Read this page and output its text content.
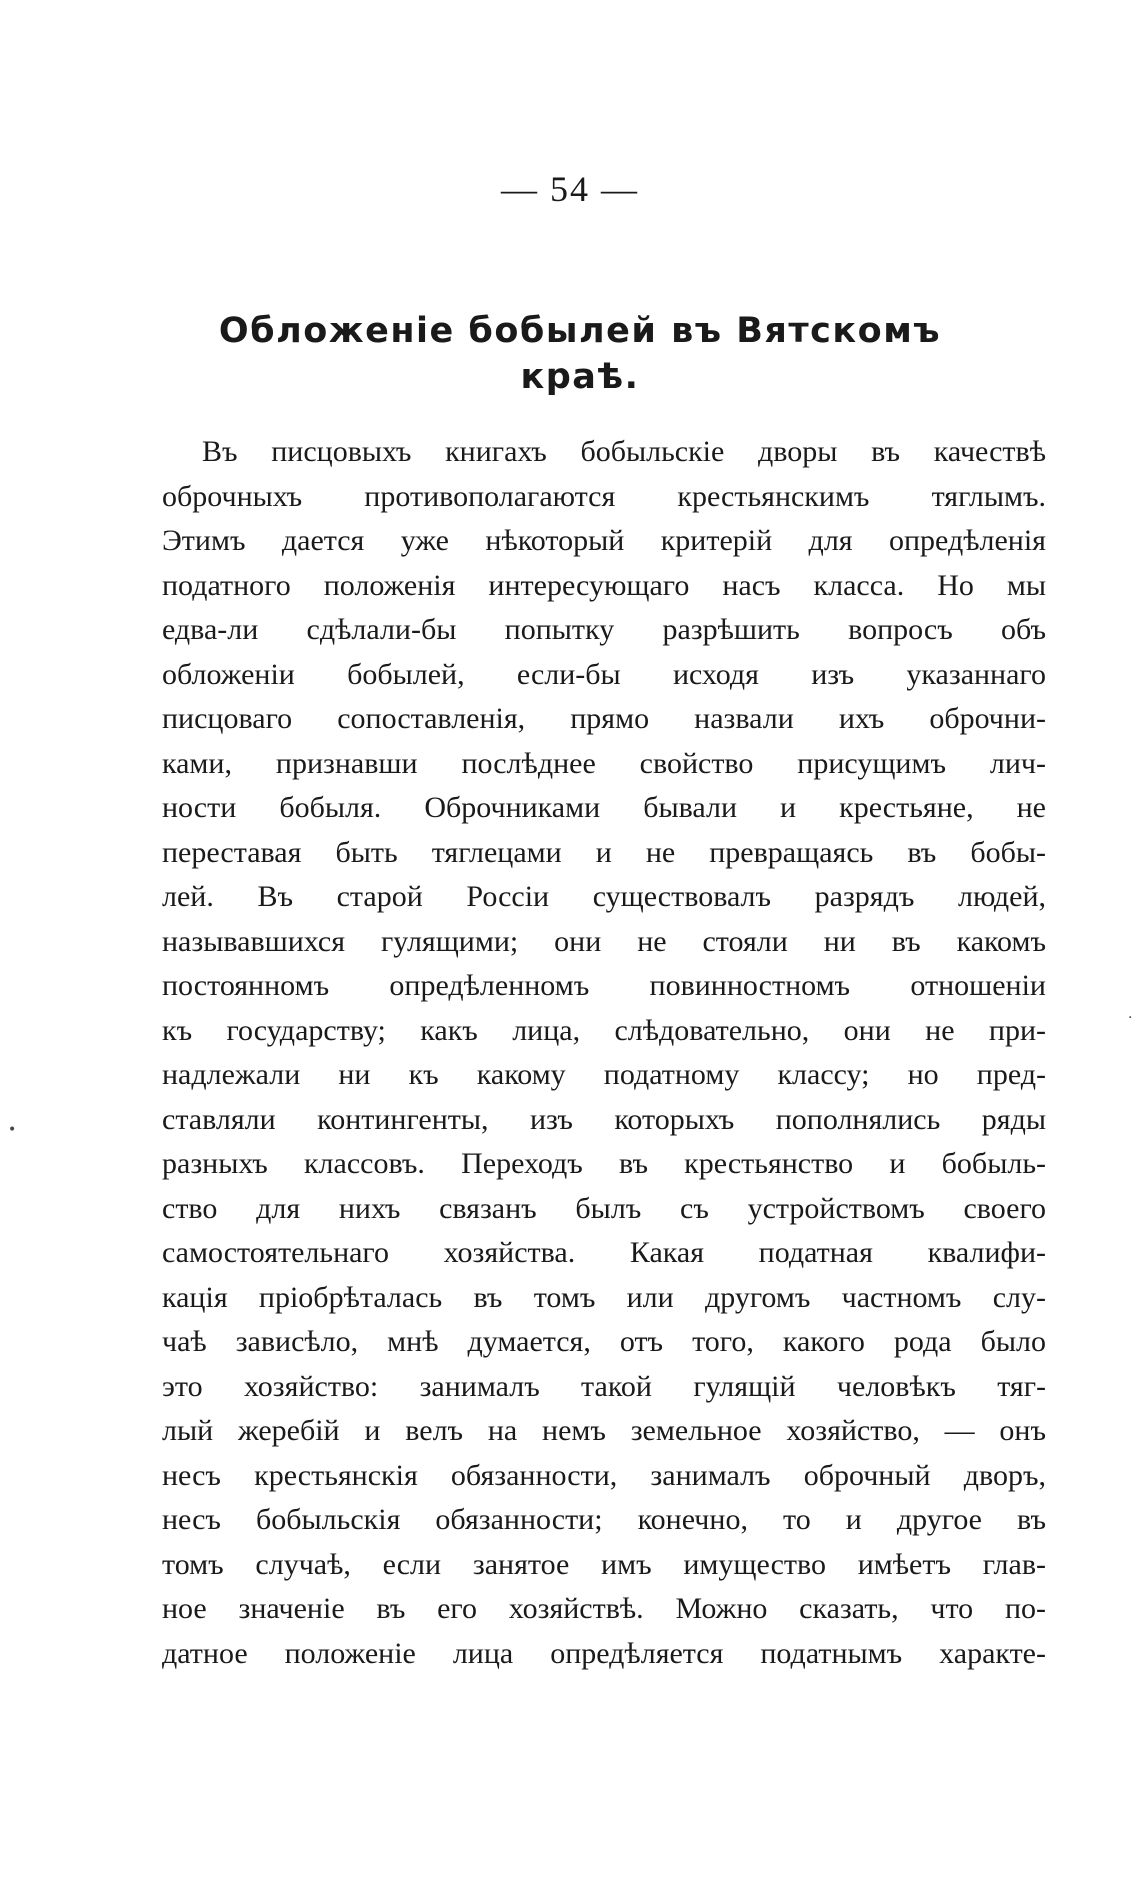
— 54 —
Обложеніе бобылей въ Вятскомъ
краѣ.
Въ писцовыхъ книгахъ бобыльскіе дворы въ качествѣ
оброчныхъ противополагаются крестьянскимъ тяглымъ.
Этимъ дается уже нѣкоторый критерій для опредѣленія
податного положенія интересующаго насъ класса. Но мы
едва-ли сдѣлали-бы попытку разрѣшить вопросъ объ
обложеніи бобылей, если-бы исходя изъ указаннаго
писцоваго сопоставленія, прямо назвали ихъ оброчни-
ками, признавши послѣднее свойство присущимъ лич-
ности бобыля. Оброчниками бывали и крестьяне, не
переставая быть тяглецами и не превращаясь въ бобы-
лей. Въ старой Россіи существовалъ разрядъ людей,
называвшихся гулящими; они не стояли ни въ какомъ
постоянномъ опредѣленномъ повинностномъ отношеніи
къ государству; какъ лица, слѣдовательно, они не при-
надлежали ни къ какому податному классу; но пред-
ставляли контингенты, изъ которыхъ пополнялись ряды
разныхъ классовъ. Переходъ въ крестьянство и бобыль-
ство для нихъ связанъ былъ съ устройствомъ своего
самостоятельнаго хозяйства. Какая податная квалифи-
кація пріобрѣталась въ томъ или другомъ частномъ слу-
чаѣ зависѣло, мнѣ думается, отъ того, какого рода было
это хозяйство: занималъ такой гулящій человѣкъ тяг-
лый жеребій и велъ на немъ земельное хозяйство, — онъ
несъ крестьянскія обязанности, занималъ оброчный дворъ,
несъ бобыльскія обязанности; конечно, то и другое въ
томъ случаѣ, если занятое имъ имущество имѣетъ глав-
ное значеніе въ его хозяйствѣ. Можно сказать, что по-
датное положеніе лица опредѣляется податнымъ характе-
•
·
